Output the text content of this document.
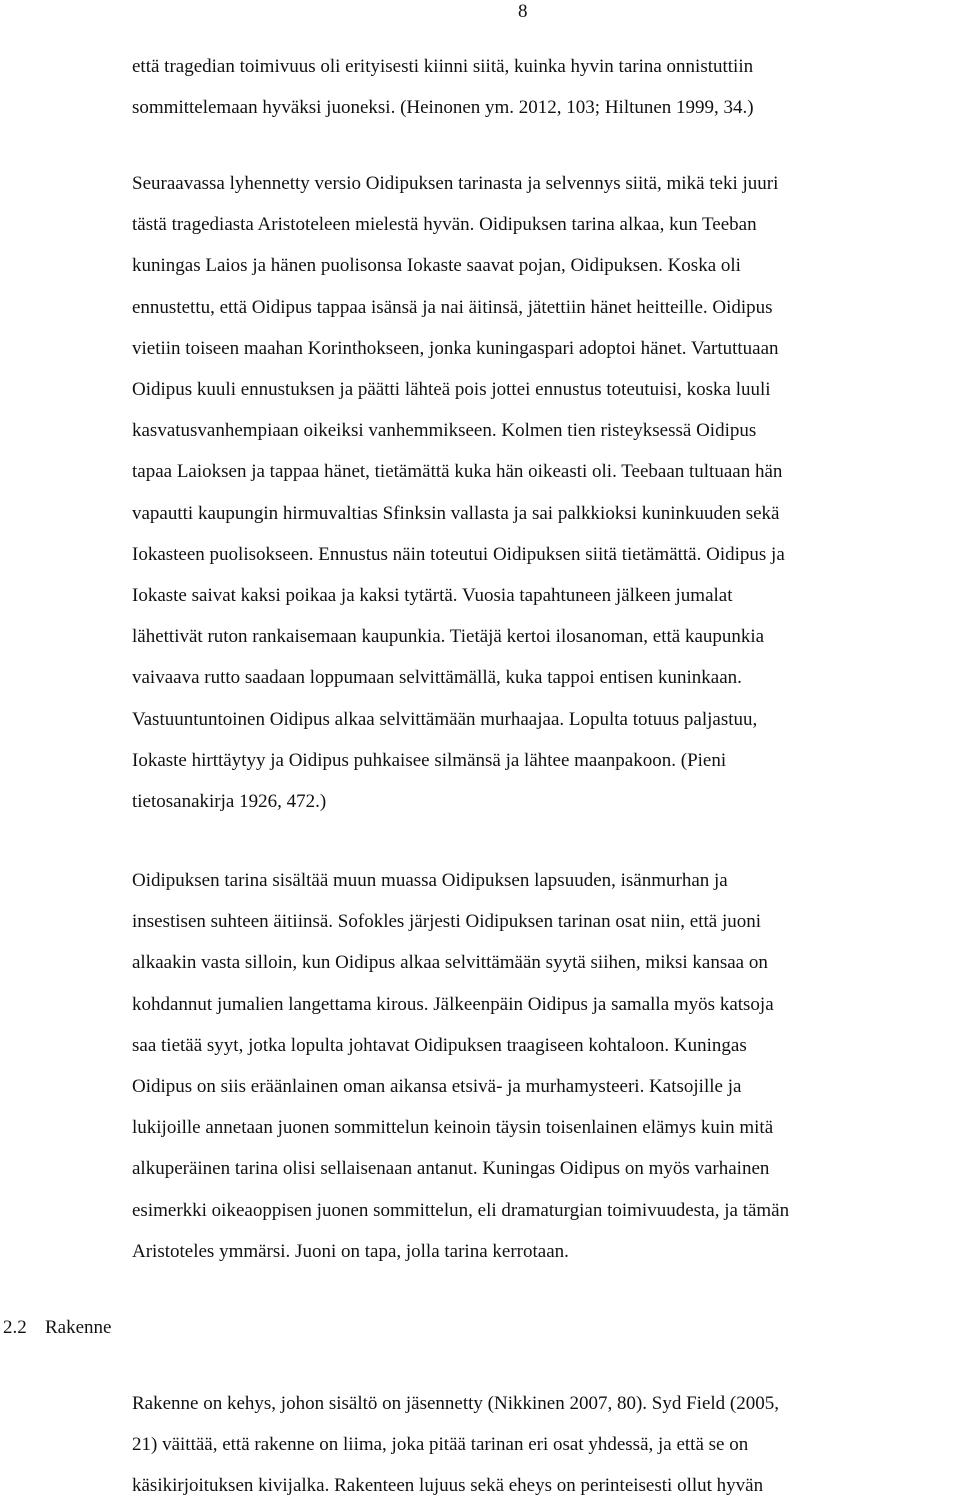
8

että tragedian toimivuus oli erityisesti kiinni siitä, kuinka hyvin tarina onnistuttiin
sommittelemaan hyväksi juoneksi. (Heinonen ym. 2012, 103; Hiltunen 1999, 34.)

Seuraavassa lyhennetty versio Oidipuksen tarinasta ja selvennys siitä, mikä teki juuri
tästä tragediasta Aristoteleen mielestä hyvän. Oidipuksen tarina alkaa, kun Teeban
kuningas Laios ja hänen puolisonsa Iokaste saavat pojan, Oidipuksen. Koska oli
ennustettu, että Oidipus tappaa isänsä ja nai äitinsä, jätettiin hänet heitteille. Oidipus
vietiin toiseen maahan Korinthokseen, jonka kuningaspari adoptoi hänet. Vartuttuaan
Oidipus kuuli ennustuksen ja päätti lähteä pois jottei ennustus toteutuisi, koska luuli
kasvatusvanhempiaan oikeiksi vanhemmikseen. Kolmen tien risteyksessä Oidipus
tapaa Laioksen ja tappaa hänet, tietämättä kuka hän oikeasti oli. Teebaan tultuaan hän
vapautti kaupungin hirmuvaltias Sfinksin vallasta ja sai palkkioksi kuninkuuden sekä
Iokasteen puolisokseen. Ennustus näin toteutui Oidipuksen siitä tietämättä. Oidipus ja
Iokaste saivat kaksi poikaa ja kaksi tytärtä. Vuosia tapahtuneen jälkeen jumalat
lähettivät ruton rankaisemaan kaupunkia. Tietäjä kertoi ilosanoman, että kaupunkia
vaivaava rutto saadaan loppumaan selvittämällä, kuka tappoi entisen kuninkaan.
Vastuuntuntoinen Oidipus alkaa selvittämään murhaajaa. Lopulta totuus paljastuu,
Iokaste hirttäytyy ja Oidipus puhkaisee silmänsä ja lähtee maanpakoon. (Pieni
tietosanakirja 1926, 472.)

Oidipuksen tarina sisältää muun muassa Oidipuksen lapsuuden, isänmurhan ja
insestisen suhteen äitiinsä. Sofokles järjesti Oidipuksen tarinan osat niin, että juoni
alkaakin vasta silloin, kun Oidipus alkaa selvittämään syytä siihen, miksi kansaa on
kohdannut jumalien langettama kirous. Jälkeenpäin Oidipus ja samalla myös katsoja
saa tietää syyt, jotka lopulta johtavat Oidipuksen traagiseen kohtaloon. Kuningas
Oidipus on siis eräänlainen oman aikansa etsivä- ja murhamysteeri. Katsojille ja
lukijoille annetaan juonen sommittelun keinoin täysin toisenlainen elämys kuin mitä
alkuperäinen tarina olisi sellaisenaan antanut. Kuningas Oidipus on myös varhainen
esimerkki oikeaoppisen juonen sommittelun, eli dramaturgian toimivuudesta, ja tämän
Aristoteles ymmärsi. Juoni on tapa, jolla tarina kerrotaan.

2.2 Rakenne

Rakenne on kehys, johon sisältö on jäsennetty (Nikkinen 2007, 80). Syd Field (2005,
21) väittää, että rakenne on liima, joka pitää tarinan eri osat yhdessä, ja että se on
käsikirjoituksen kivijalka. Rakenteen lujuus sekä eheys on perinteisesti ollut hyvän
